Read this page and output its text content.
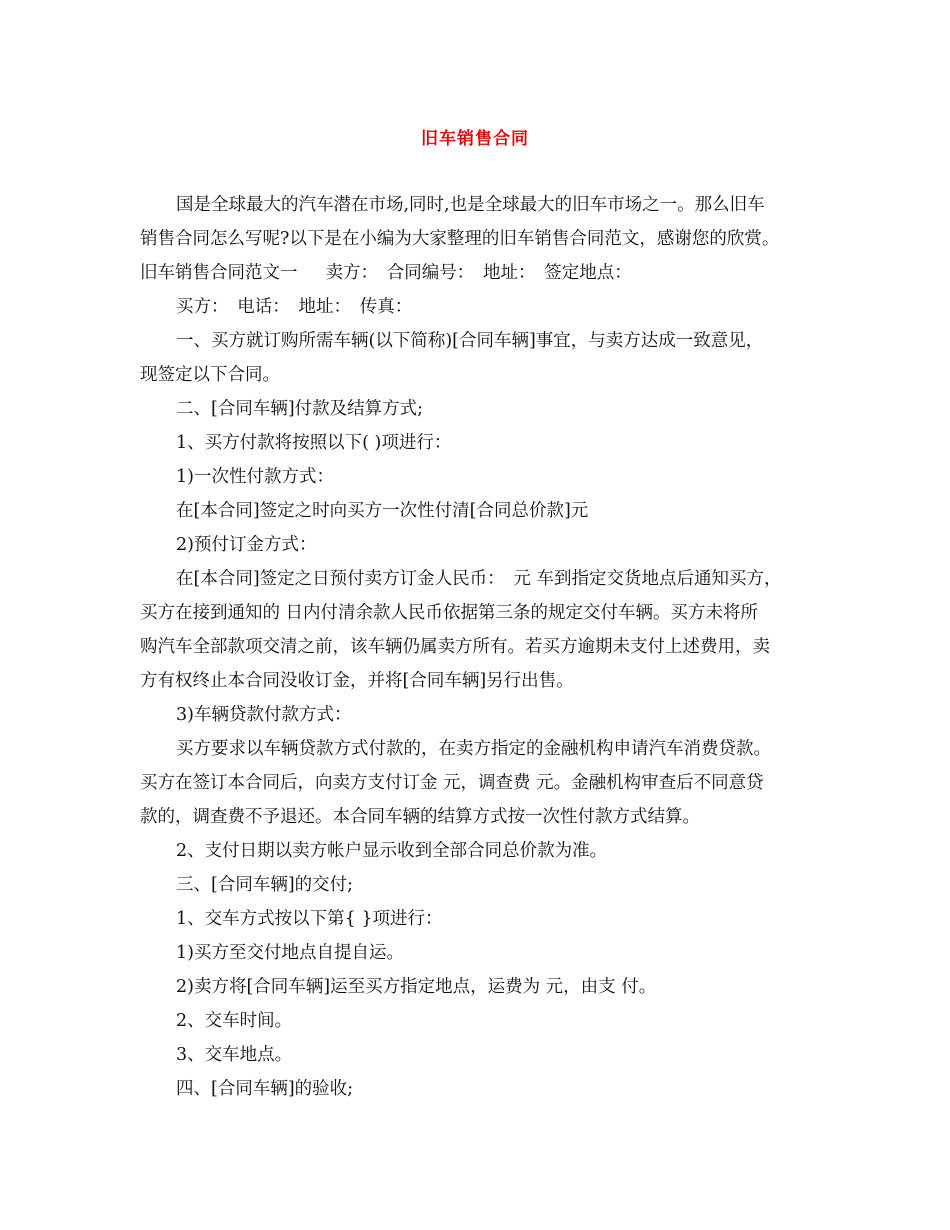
旧车销售合同
国是全球最大的汽车潜在市场,同时,也是全球最大的旧车市场之一。那么旧车
销售合同怎么写呢?以下是在小编为大家整理的旧车销售合同范文，感谢您的欣赏。
旧车销售合同范文一 卖方：　合同编号：　地址：　签定地点：
买方：　电话：　地址：　传真：
一、买方就订购所需车辆(以下简称)[合同车辆]事宜，与卖方达成一致意见，
现签定以下合同。
二、[合同车辆]付款及结算方式;
1、买方付款将按照以下( )项进行：
1)一次性付款方式：
在[本合同]签定之时向买方一次性付清[合同总价款]元
2)预付订金方式：
在[本合同]签定之日预付卖方订金人民币：　元 车到指定交货地点后通知买方，
买方在接到通知的 日内付清余款人民币依据第三条的规定交付车辆。买方未将所
购汽车全部款项交清之前，该车辆仍属卖方所有。若买方逾期未支付上述费用，卖
方有权终止本合同没收订金，并将[合同车辆]另行出售。
3)车辆贷款付款方式：
买方要求以车辆贷款方式付款的，在卖方指定的金融机构申请汽车消费贷款。
买方在签订本合同后，向卖方支付订金 元，调查费 元。金融机构审查后不同意贷
款的，调查费不予退还。本合同车辆的结算方式按一次性付款方式结算。
2、支付日期以卖方帐户显示收到全部合同总价款为准。
三、[合同车辆]的交付;
1、交车方式按以下第{ }项进行：
1)买方至交付地点自提自运。
2)卖方将[合同车辆]运至买方指定地点，运费为 元，由支 付。
2、交车时间。
3、交车地点。
四、[合同车辆]的验收;
